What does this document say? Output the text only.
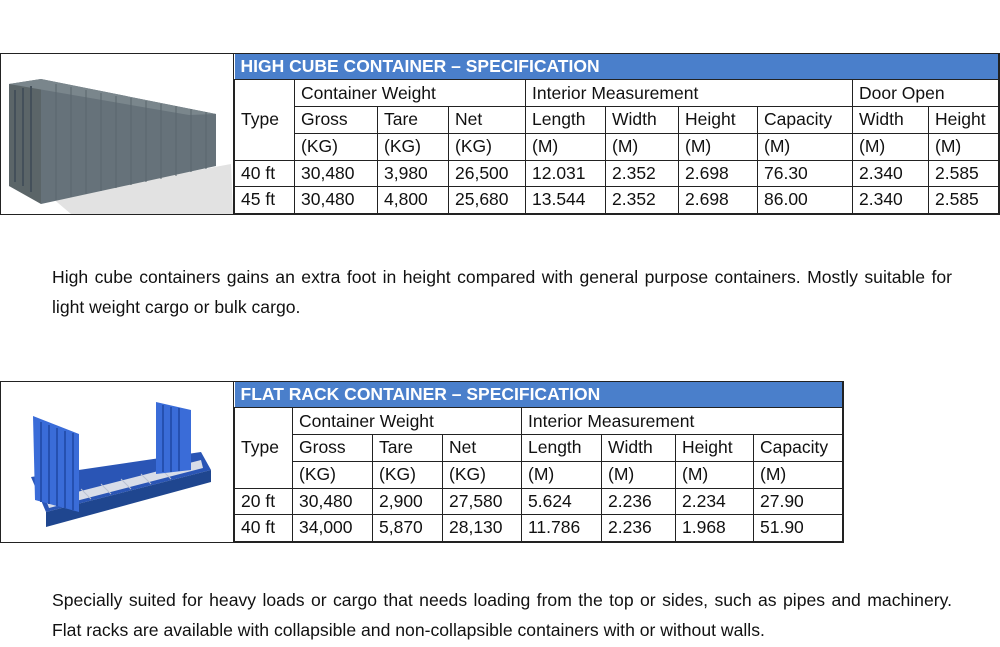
HIGH CUBE CONTAINER – SPECIFICATION									
Type	Container Weight			Interior Measurement				Door Open	
	Gross	Tare	Net	Length	Width	Height	Capacity	Width	Height
	(KG)	(KG)	(KG)	(M)	(M)	(M)	(M)	(M)	(M)
40 ft	30,480	3,980	26,500	12.031	2.352	2.698	76.30	2.340	2.585
45 ft	30,480	4,800	25,680	13.544	2.352	2.698	86.00	2.340	2.585

High cube containers gains an extra foot in height compared with general purpose containers. Mostly suitable for light weight cargo or bulk cargo.

FLAT RACK CONTAINER – SPECIFICATION							
Type	Container Weight			Interior Measurement			
	Gross	Tare	Net	Length	Width	Height	Capacity
	(KG)	(KG)	(KG)	(M)	(M)	(M)	(M)
20 ft	30,480	2,900	27,580	5.624	2.236	2.234	27.90
40 ft	34,000	5,870	28,130	11.786	2.236	1.968	51.90

Specially suited for heavy loads or cargo that needs loading from the top or sides, such as pipes and machinery. Flat racks are available with collapsible and non-collapsible containers with or without walls.
